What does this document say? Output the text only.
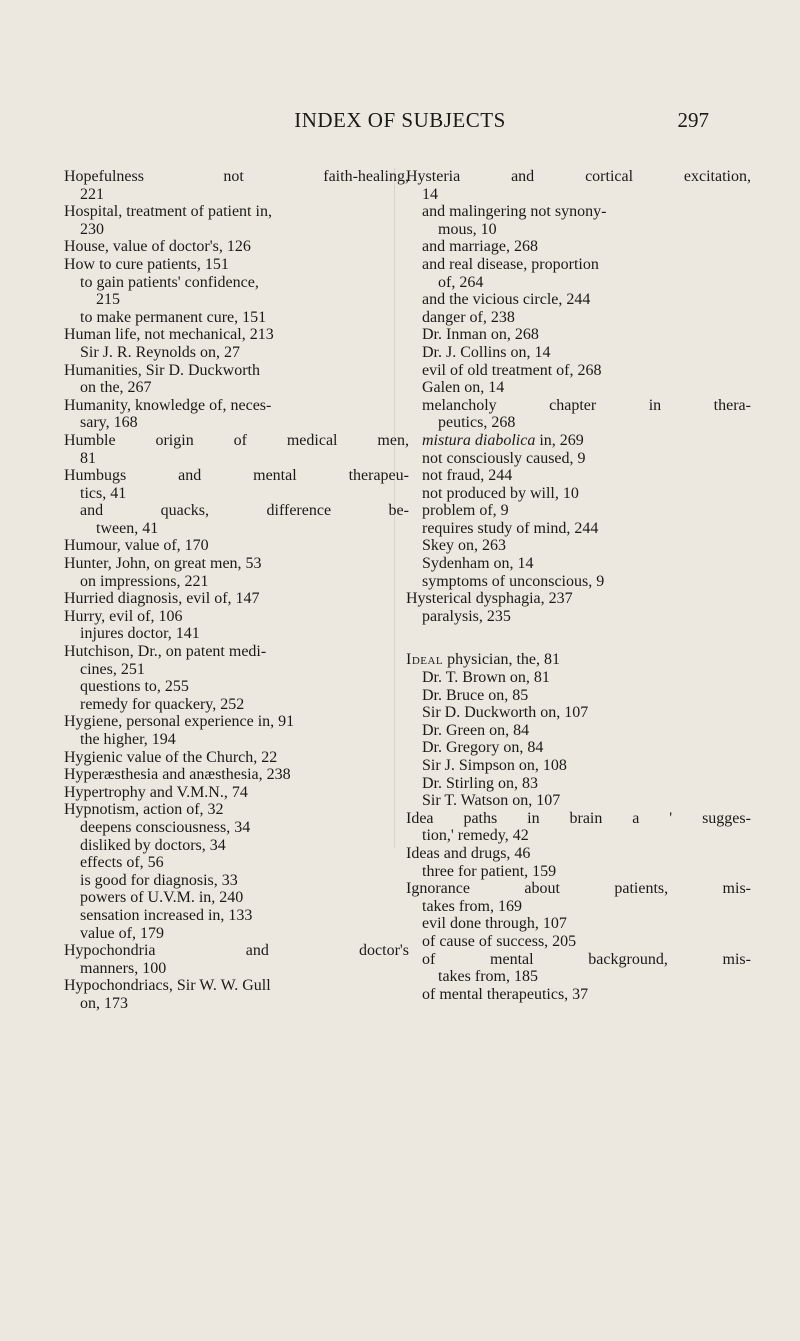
INDEX OF SUBJECTS	297
Hopefulness	not	faith-healing,
221
Hospital, treatment of patient in,
230
House, value of doctor's, 126
How to cure patients, 151
to gain patients' confidence,
215
to make permanent cure, 151
Human life, not mechanical, 213
Sir J. R. Reynolds on, 27
Humanities, Sir D. Duckworth
on the, 267
Humanity, knowledge of, neces-
sary, 168
Humble origin of medical men,
81
Humbugs	and	mental	therapeu-
tics, 41
and	quacks,	difference	be-
tween, 41
Humour, value of, 170
Hunter, John, on great men, 53
on impressions, 221
Hurried diagnosis, evil of, 147
Hurry, evil of, 106
injures doctor, 141
Hutchison, Dr., on patent medi-
cines, 251
questions to, 255
remedy for quackery, 252
Hygiene, personal experience in, 91
the higher, 194
Hygienic value of the Church, 22
Hyperæsthesia and anæsthesia, 238
Hypertrophy and V.M.N., 74
Hypnotism, action of, 32
deepens consciousness, 34
disliked by doctors, 34
effects of, 56
is good for diagnosis, 33
powers of U.V.M. in, 240
sensation increased in, 133
value of, 179
Hypochondria	and	doctor's
manners, 100
Hypochondriacs, Sir W. W. Gull
on, 173
Hysteria	and	cortical	excitation,
14
and malingering not synony-
mous, 10
and marriage, 268
and real disease, proportion
of, 264
and the vicious circle, 244
danger of, 238
Dr. Inman on, 268
Dr. J. Collins on, 14
evil of old treatment of, 268
Galen on, 14
melancholy	chapter	in	thera-
peutics, 268
mistura diabolica in, 269
not consciously caused, 9
not fraud, 244
not produced by will, 10
problem of, 9
requires study of mind, 244
Skey on, 263
Sydenham on, 14
symptoms of unconscious, 9
Hysterical dysphagia, 237
paralysis, 235
Ideal physician, the, 81
Dr. T. Brown on, 81
Dr. Bruce on, 85
Sir D. Duckworth on, 107
Dr. Green on, 84
Dr. Gregory on, 84
Sir J. Simpson on, 108
Dr. Stirling on, 83
Sir T. Watson on, 107
Idea paths in brain a ' sugges-
tion,' remedy, 42
Ideas and drugs, 46
three for patient, 159
Ignorance	about	patients,	mis-
takes from, 169
evil done through, 107
of cause of success, 205
of	mental	background,	mis-
takes from, 185
of mental therapeutics, 37
